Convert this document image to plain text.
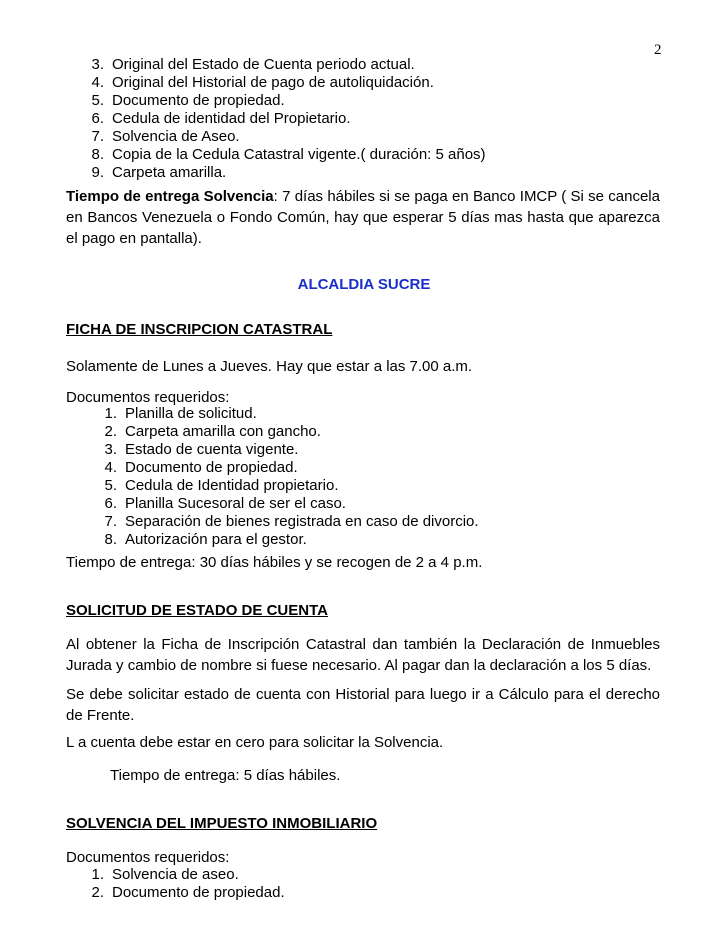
2
3. Original del Estado de Cuenta periodo actual.
4. Original del Historial de pago de autoliquidación.
5. Documento de propiedad.
6. Cedula de identidad del Propietario.
7. Solvencia de Aseo.
8. Copia de la Cedula Catastral vigente.( duración: 5 años)
9. Carpeta amarilla.

Tiempo de entrega Solvencia: 7 días hábiles si se paga en Banco IMCP ( Si se cancela en Bancos Venezuela o Fondo Común, hay que esperar 5 días mas hasta que aparezca el pago en pantalla).

ALCALDIA SUCRE
FICHA DE INSCRIPCION CATASTRAL
Solamente de Lunes a Jueves. Hay que estar a las 7.00 a.m.
Documentos requeridos:
1. Planilla de solicitud.
2. Carpeta amarilla con gancho.
3. Estado de cuenta vigente.
4. Documento de propiedad.
5. Cedula de Identidad propietario.
6. Planilla Sucesoral de ser el caso.
7. Separación de bienes registrada en caso de divorcio.
8. Autorización para el gestor.
Tiempo de entrega: 30 días hábiles y se recogen de 2 a 4 p.m.
SOLICITUD DE ESTADO DE CUENTA

Al obtener la Ficha de Inscripción Catastral dan también la Declaración de Inmuebles Jurada y cambio de nombre si fuese necesario. Al pagar dan la declaración a los 5 días.

Se debe solicitar estado de cuenta con Historial para luego ir a Cálculo para el derecho de Frente.

L a cuenta debe estar en cero para solicitar la Solvencia.
Tiempo de entrega: 5 días hábiles.
SOLVENCIA DEL IMPUESTO INMOBILIARIO
Documentos requeridos:
1. Solvencia de aseo.
2. Documento de propiedad.
